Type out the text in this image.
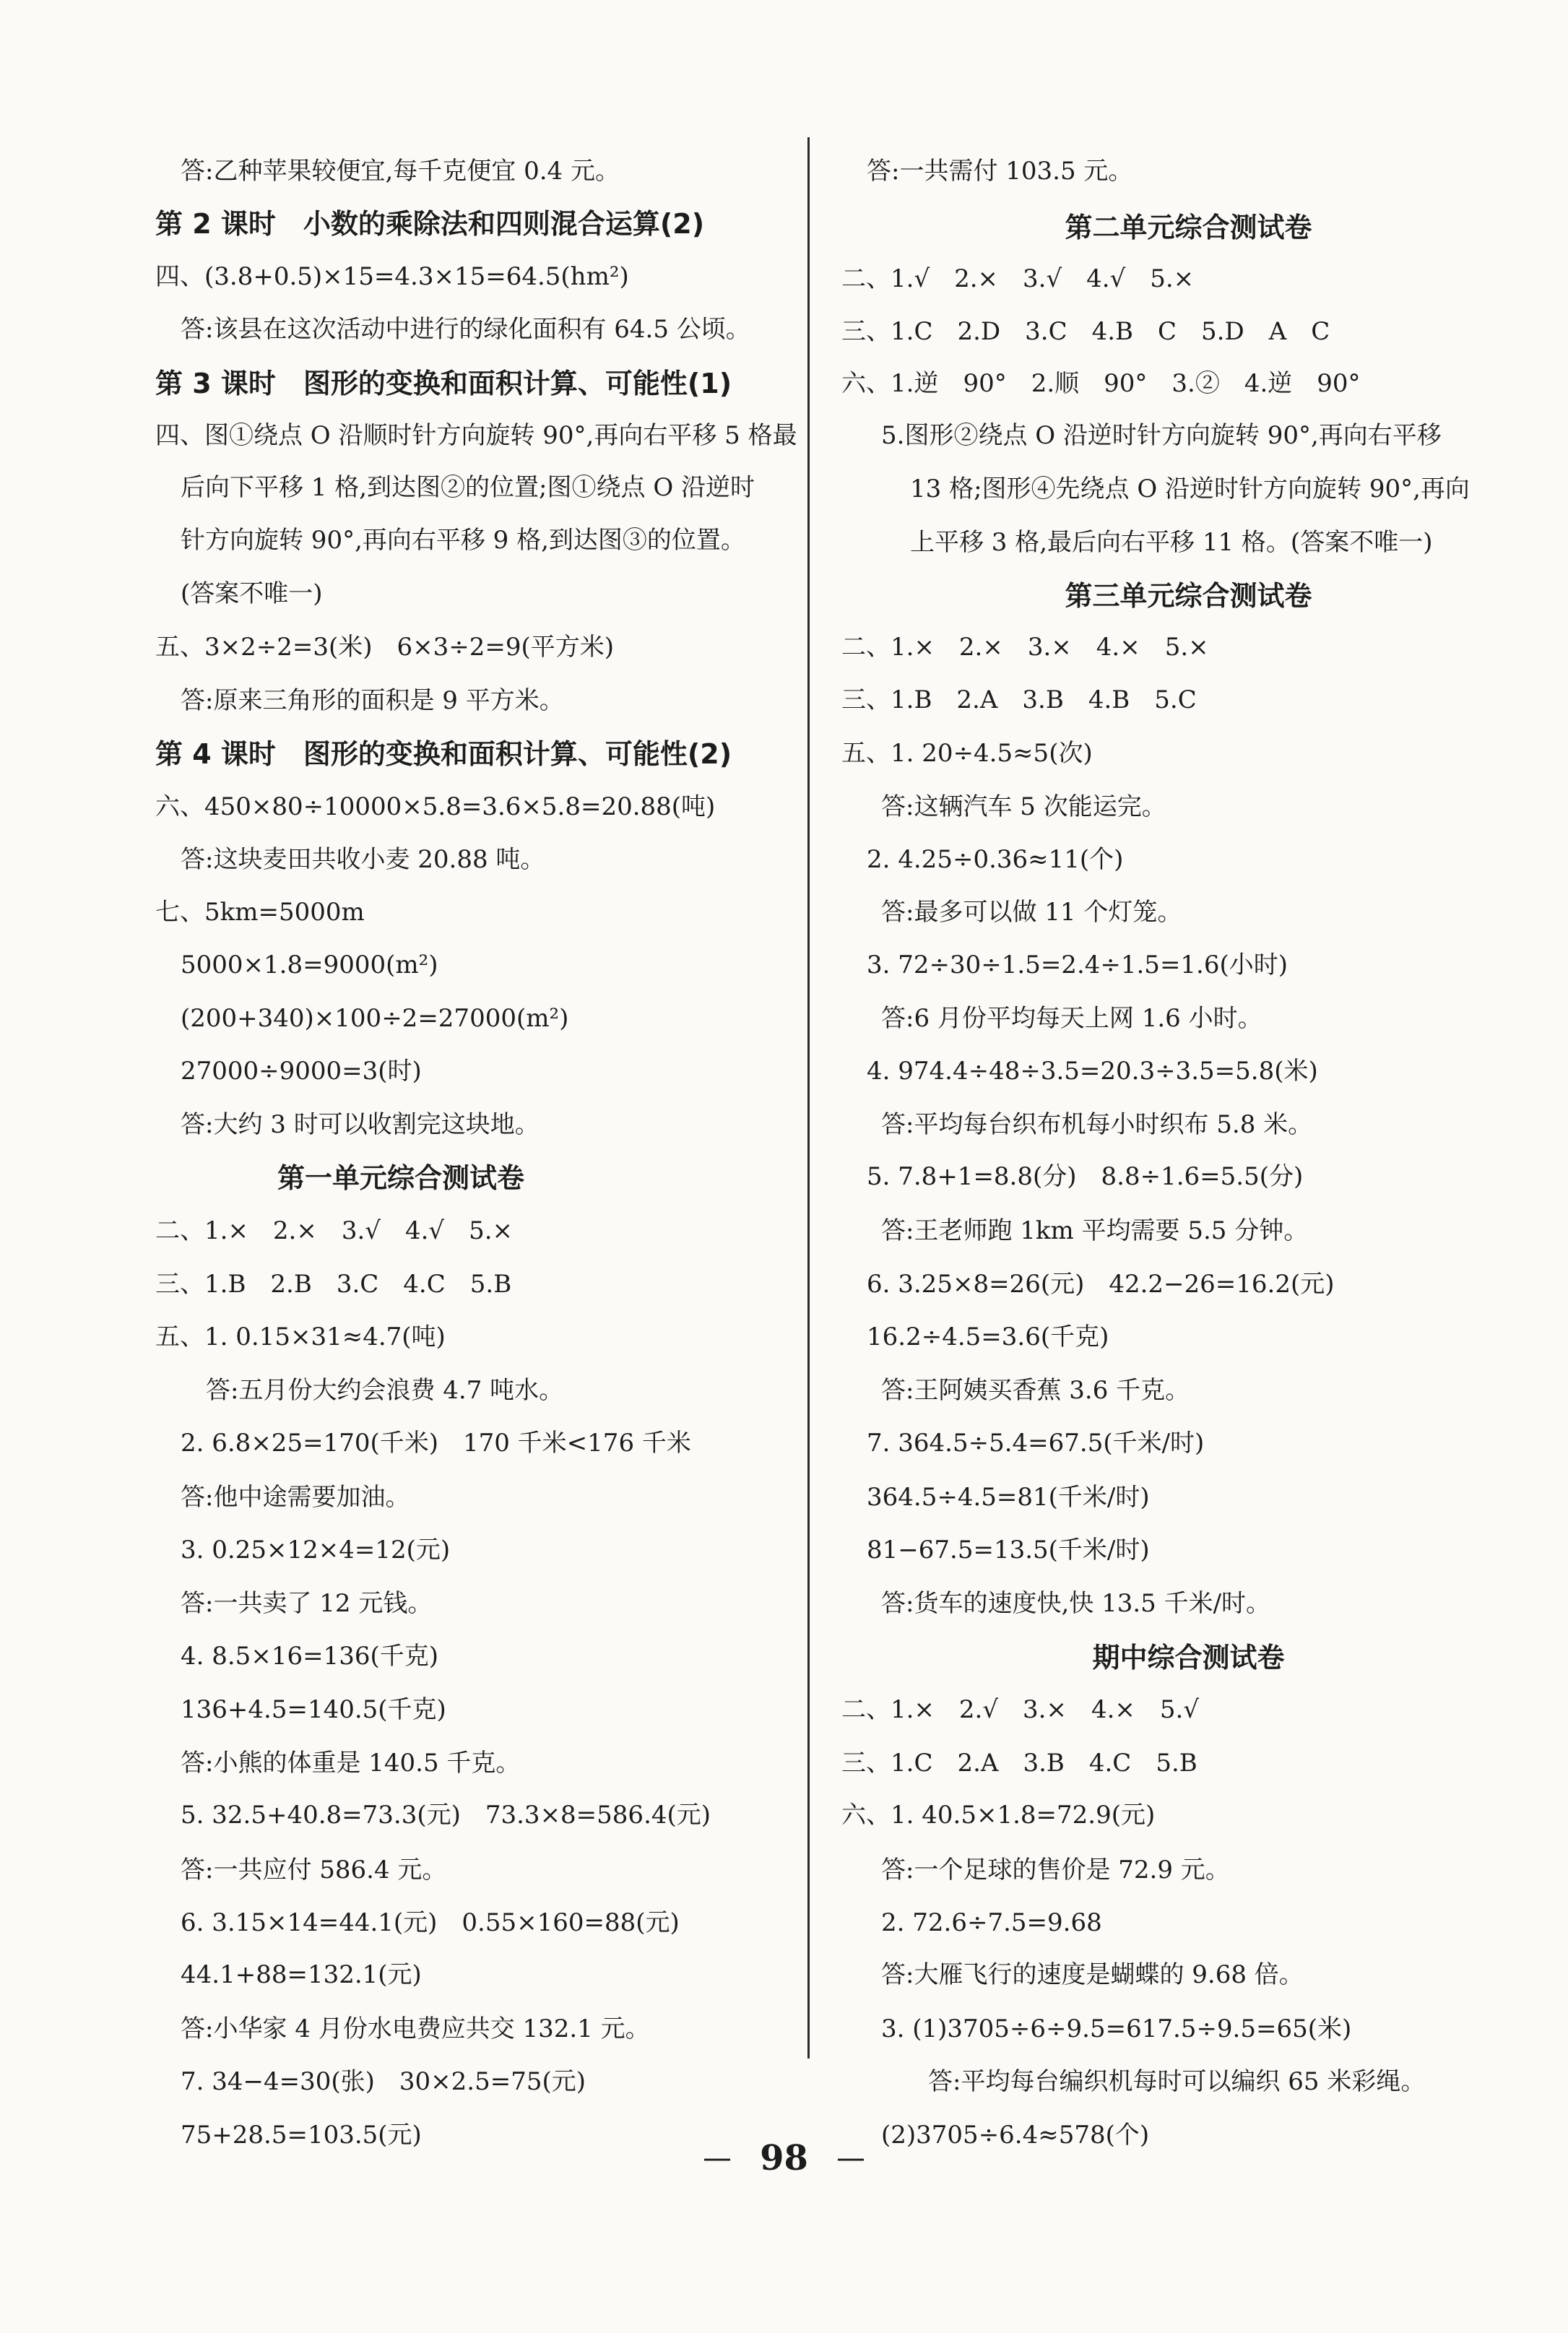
答:乙种苹果较便宜,每千克便宜 0.4 元。
第 2 课时　小数的乘除法和四则混合运算(2)
四、(3.8+0.5)×15=4.3×15=64.5(hm²)
答:该县在这次活动中进行的绿化面积有 64.5 公顷。
第 3 课时　图形的变换和面积计算、可能性(1)
四、图①绕点 O 沿顺时针方向旋转 90°,再向右平移 5 格最
后向下平移 1 格,到达图②的位置;图①绕点 O 沿逆时
针方向旋转 90°,再向右平移 9 格,到达图③的位置。
(答案不唯一)
五、3×2÷2=3(米)　6×3÷2=9(平方米)
答:原来三角形的面积是 9 平方米。
第 4 课时　图形的变换和面积计算、可能性(2)
六、450×80÷10000×5.8=3.6×5.8=20.88(吨)
答:这块麦田共收小麦 20.88 吨。
七、5km=5000m
5000×1.8=9000(m²)
(200+340)×100÷2=27000(m²)
27000÷9000=3(时)
答:大约 3 时可以收割完这块地。
第一单元综合测试卷
二、1.×　2.×　3.√　4.√　5.×
三、1.B　2.B　3.C　4.C　5.B
五、1. 0.15×31≈4.7(吨)
答:五月份大约会浪费 4.7 吨水。
2. 6.8×25=170(千米)　170 千米<176 千米
答:他中途需要加油。
3. 0.25×12×4=12(元)
答:一共卖了 12 元钱。
4. 8.5×16=136(千克)
136+4.5=140.5(千克)
答:小熊的体重是 140.5 千克。
5. 32.5+40.8=73.3(元)　73.3×8=586.4(元)
答:一共应付 586.4 元。
6. 3.15×14=44.1(元)　0.55×160=88(元)
44.1+88=132.1(元)
答:小华家 4 月份水电费应共交 132.1 元。
7. 34−4=30(张)　30×2.5=75(元)
75+28.5=103.5(元)
答:一共需付 103.5 元。
第二单元综合测试卷
二、1.√　2.×　3.√　4.√　5.×
三、1.C　2.D　3.C　4.B　C　5.D　A　C
六、1.逆　90°　2.顺　90°　3.②　4.逆　90°
5.图形②绕点 O 沿逆时针方向旋转 90°,再向右平移
13 格;图形④先绕点 O 沿逆时针方向旋转 90°,再向
上平移 3 格,最后向右平移 11 格。(答案不唯一)
第三单元综合测试卷
二、1.×　2.×　3.×　4.×　5.×
三、1.B　2.A　3.B　4.B　5.C
五、1. 20÷4.5≈5(次)
答:这辆汽车 5 次能运完。
2. 4.25÷0.36≈11(个)
答:最多可以做 11 个灯笼。
3. 72÷30÷1.5=2.4÷1.5=1.6(小时)
答:6 月份平均每天上网 1.6 小时。
4. 974.4÷48÷3.5=20.3÷3.5=5.8(米)
答:平均每台织布机每小时织布 5.8 米。
5. 7.8+1=8.8(分)　8.8÷1.6=5.5(分)
答:王老师跑 1km 平均需要 5.5 分钟。
6. 3.25×8=26(元)　42.2−26=16.2(元)
16.2÷4.5=3.6(千克)
答:王阿姨买香蕉 3.6 千克。
7. 364.5÷5.4=67.5(千米/时)
364.5÷4.5=81(千米/时)
81−67.5=13.5(千米/时)
答:货车的速度快,快 13.5 千米/时。
期中综合测试卷
二、1.×　2.√　3.×　4.×　5.√
三、1.C　2.A　3.B　4.C　5.B
六、1. 40.5×1.8=72.9(元)
答:一个足球的售价是 72.9 元。
2. 72.6÷7.5=9.68
答:大雁飞行的速度是蝴蝶的 9.68 倍。
3. (1)3705÷6÷9.5=617.5÷9.5=65(米)
答:平均每台编织机每时可以编织 65 米彩绳。
(2)3705÷6.4≈578(个)
— 98 —
